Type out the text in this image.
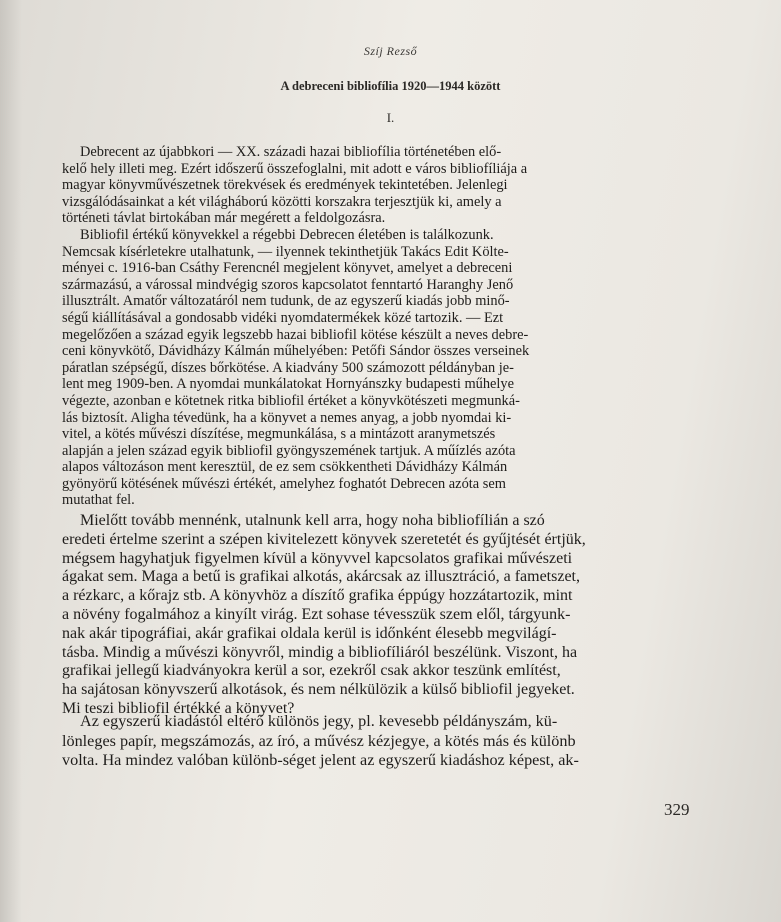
Szíj Rezső
A debreceni bibliofília 1920—1944 között
I.
Debrecent az újabbkori — XX. századi hazai bibliofília történetében elő-
kelő hely illeti meg. Ezért időszerű összefoglalni, mit adott e város bibliofíliája a
magyar könyvművészetnek törekvések és eredmények tekintetében. Jelenlegi
vizsgálódásainkat a két világháború közötti korszakra terjesztjük ki, amely a
történeti távlat birtokában már megérett a feldolgozásra.
Bibliofil értékű könyvekkel a régebbi Debrecen életében is találkozunk.
Nemcsak kísérletekre utalhatunk, — ilyennek tekinthetjük Takács Edit Költe-
ményei c. 1916-ban Csáthy Ferencnél megjelent könyvet, amelyet a debreceni
származású, a várossal mindvégig szoros kapcsolatot fenntartó Haranghy Jenő
illusztrált. Amatőr változatáról nem tudunk, de az egyszerű kiadás jobb minő-
ségű kiállításával a gondosabb vidéki nyomdatermékek közé tartozik. — Ezt
megelőzően a század egyik legszebb hazai bibliofil kötése készült a neves debre-
ceni könyvkötő, Dávidházy Kálmán műhelyében: Petőfi Sándor összes verseinek
páratlan szépségű, díszes bőrkötése. A kiadvány 500 számozott példányban je-
lent meg 1909-ben. A nyomdai munkálatokat Hornyánszky budapesti műhelye
végezte, azonban e kötetnek ritka bibliofil értéket a könyvkötészeti megmunká-
lás biztosít. Aligha tévedünk, ha a könyvet a nemes anyag, a jobb nyomdai ki-
vitel, a kötés művészi díszítése, megmunkálása, s a mintázott aranymetszés
alapján a jelen század egyik bibliofil gyöngyszemének tartjuk. A műízlés azóta
alapos változáson ment keresztül, de ez sem csökkentheti Dávidházy Kálmán
gyönyörű kötésének művészi értékét, amelyhez foghatót Debrecen azóta sem
mutathat fel.
Mielőtt tovább mennénk, utalnunk kell arra, hogy noha bibliofílián a szó
eredeti értelme szerint a szépen kivitelezett könyvek szeretetét és gyűjtését értjük,
mégsem hagyhatjuk figyelmen kívül a könyvvel kapcsolatos grafikai művészeti
ágakat sem. Maga a betű is grafikai alkotás, akárcsak az illusztráció, a fametszet,
a rézkarc, a kőrajz stb. A könyvhöz a díszítő grafika éppúgy hozzátartozik, mint
a növény fogalmához a kinyílt virág. Ezt sohase tévesszük szem elől, tárgyunk-
nak akár tipográfiai, akár grafikai oldala kerül is időnként élesebb megvilágí-
tásba. Mindig a művészi könyvről, mindig a bibliofíliáról beszélünk. Viszont, ha
grafikai jellegű kiadványokra kerül a sor, ezekről csak akkor teszünk említést,
ha sajátosan könyvszerű alkotások, és nem nélkülözik a külső bibliofil jegyeket.
Mi teszi bibliofil értékké a könyvet?
Az egyszerű kiadástól eltérő különös jegy, pl. kevesebb példányszám, kü-
lönleges papír, megszámozás, az író, a művész kézjegye, a kötés más és különb
volta. Ha mindez valóban különb-séget jelent az egyszerű kiadáshoz képest, ak-
329
